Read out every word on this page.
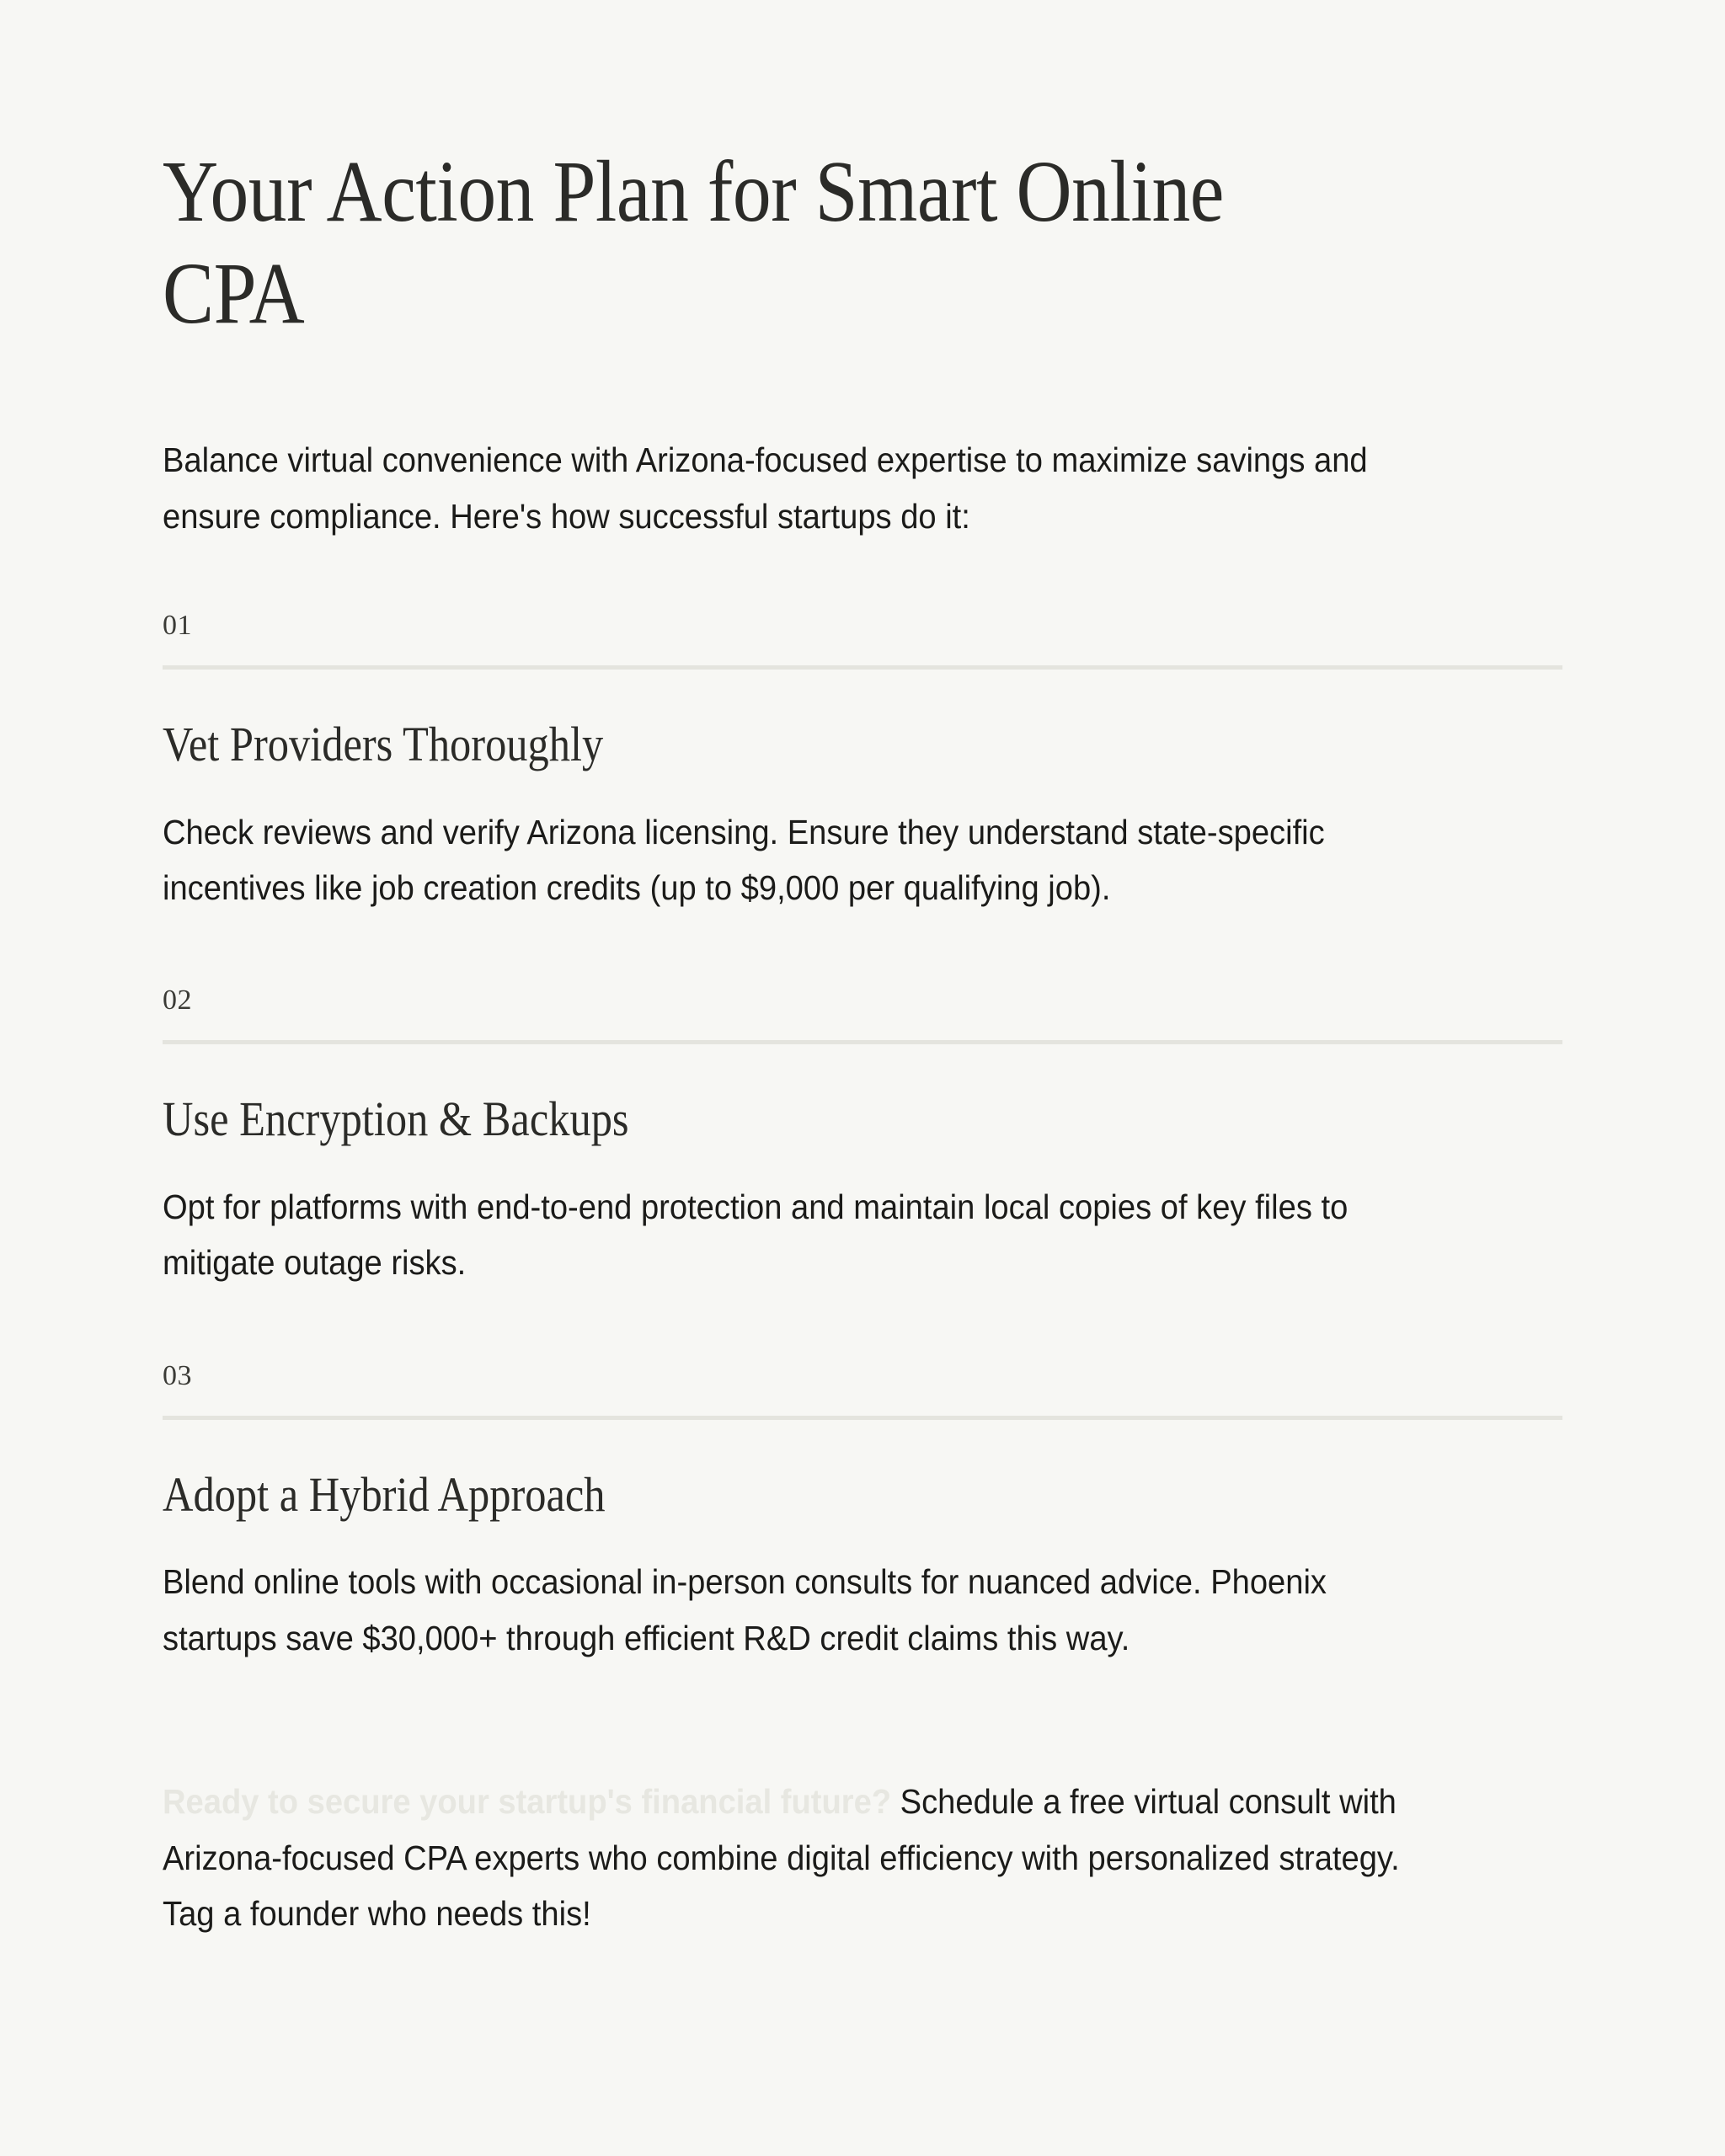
Your Action Plan for Smart Online CPA

Balance virtual convenience with Arizona-focused expertise to maximize savings and ensure compliance. Here's how successful startups do it:

01
Vet Providers Thoroughly

Check reviews and verify Arizona licensing. Ensure they understand state-specific incentives like job creation credits (up to $9,000 per qualifying job).

02
Use Encryption & Backups

Opt for platforms with end-to-end protection and maintain local copies of key files to mitigate outage risks.

03
Adopt a Hybrid Approach

Blend online tools with occasional in-person consults for nuanced advice. Phoenix startups save $30,000+ through efficient R&D credit claims this way.

Ready to secure your startup's financial future? Schedule a free virtual consult with Arizona-focused CPA experts who combine digital efficiency with personalized strategy. Tag a founder who needs this!
